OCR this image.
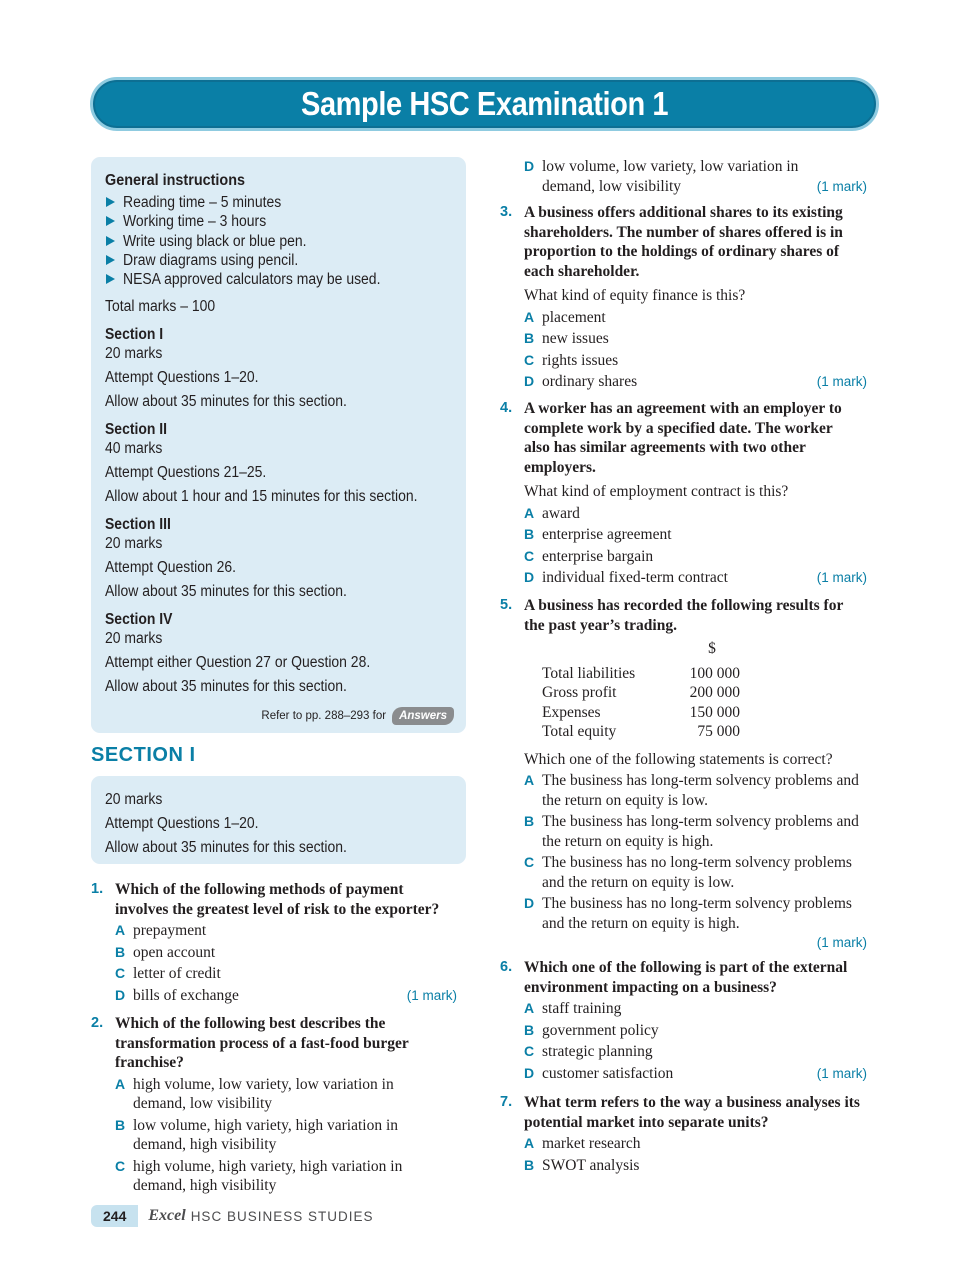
Sample HSC Examination 1
General instructions
Reading time – 5 minutes
Working time – 3 hours
Write using black or blue pen.
Draw diagrams using pencil.
NESA approved calculators may be used.
Total marks – 100
Section I
20 marks
Attempt Questions 1–20.
Allow about 35 minutes for this section.
Section II
40 marks
Attempt Questions 21–25.
Allow about 1 hour and 15 minutes for this section.
Section III
20 marks
Attempt Question 26.
Allow about 35 minutes for this section.
Section IV
20 marks
Attempt either Question 27 or Question 28.
Allow about 35 minutes for this section.
Refer to pp. 288–293 for	Answers
SECTION I
20 marks
Attempt Questions 1–20.
Allow about 35 minutes for this section.
1. Which of the following methods of payment involves the greatest level of risk to the exporter?
A prepayment
B open account
C letter of credit
D bills of exchange	(1 mark)
2. Which of the following best describes the transformation process of a fast-food burger franchise?
A high volume, low variety, low variation in demand, low visibility
B low volume, high variety, high variation in demand, high visibility
C high volume, high variety, high variation in demand, high visibility
D low volume, low variety, low variation in demand, low visibility	(1 mark)
3. A business offers additional shares to its existing shareholders. The number of shares offered is in proportion to the holdings of ordinary shares of each shareholder.
What kind of equity finance is this?
A placement
B new issues
C rights issues
D ordinary shares	(1 mark)
4. A worker has an agreement with an employer to complete work by a specified date. The worker also has similar agreements with two other employers.
What kind of employment contract is this?
A award
B enterprise agreement
C enterprise bargain
D individual fixed-term contract	(1 mark)
5. A business has recorded the following results for the past year’s trading.
	$

Total liabilities	100 000
Gross profit	200 000
Expenses	150 000
Total equity	75 000
Which one of the following statements is correct?
A The business has long-term solvency problems and the return on equity is low.
B The business has long-term solvency problems and the return on equity is high.
C The business has no long-term solvency problems and the return on equity is low.
D The business has no long-term solvency problems and the return on equity is high.
(1 mark)
6. Which one of the following is part of the external environment impacting on a business?
A staff training
B government policy
C strategic planning
D customer satisfaction	(1 mark)
7. What term refers to the way a business analyses its potential market into separate units?
A market research
B SWOT analysis
244	Excel HSC BUSINESS STUDIES
